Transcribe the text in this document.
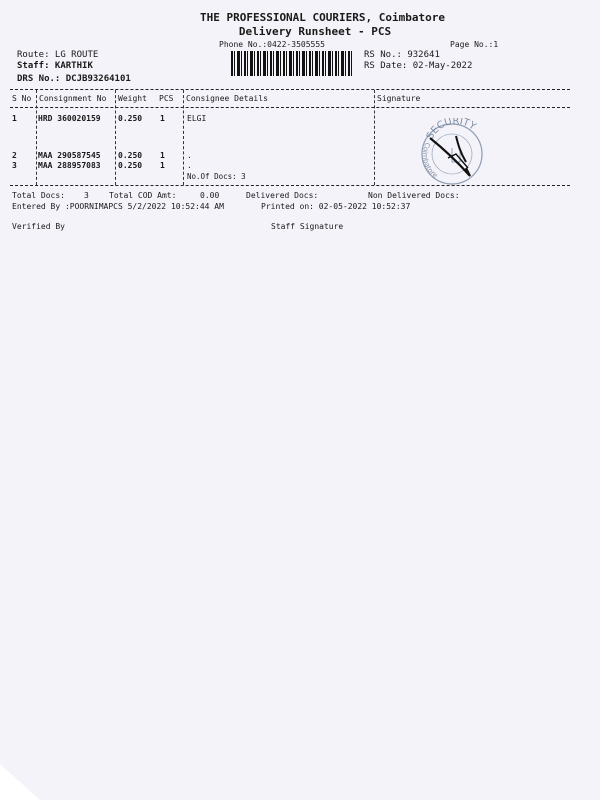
THE PROFESSIONAL COURIERS, Coimbatore
Delivery Runsheet - PCS
Phone No.:0422-3505555	Page No.:1
Route: LG ROUTE
Staff: KARTHIK
DRS No.: DCJB93264101
RS No.: 932641
RS Date: 02-May-2022
S No Consignment No Weight PCS Consignee Details	Signature
1	HRD 360020159 0.250 1	ELGI
2	MAA 290587545 0.250 1	.
3	MAA 288957083 0.250 1	.
No.Of Docs: 3
SECURITY
Coimbatore
Total Docs: 3	Total COD Amt:	0.00	Delivered Docs:	Non Delivered Docs:
Entered By :POORNIMAPCS 5/2/2022 10:52:44 AM	Printed on: 02-05-2022 10:52:37
Verified By	Staff Signature
